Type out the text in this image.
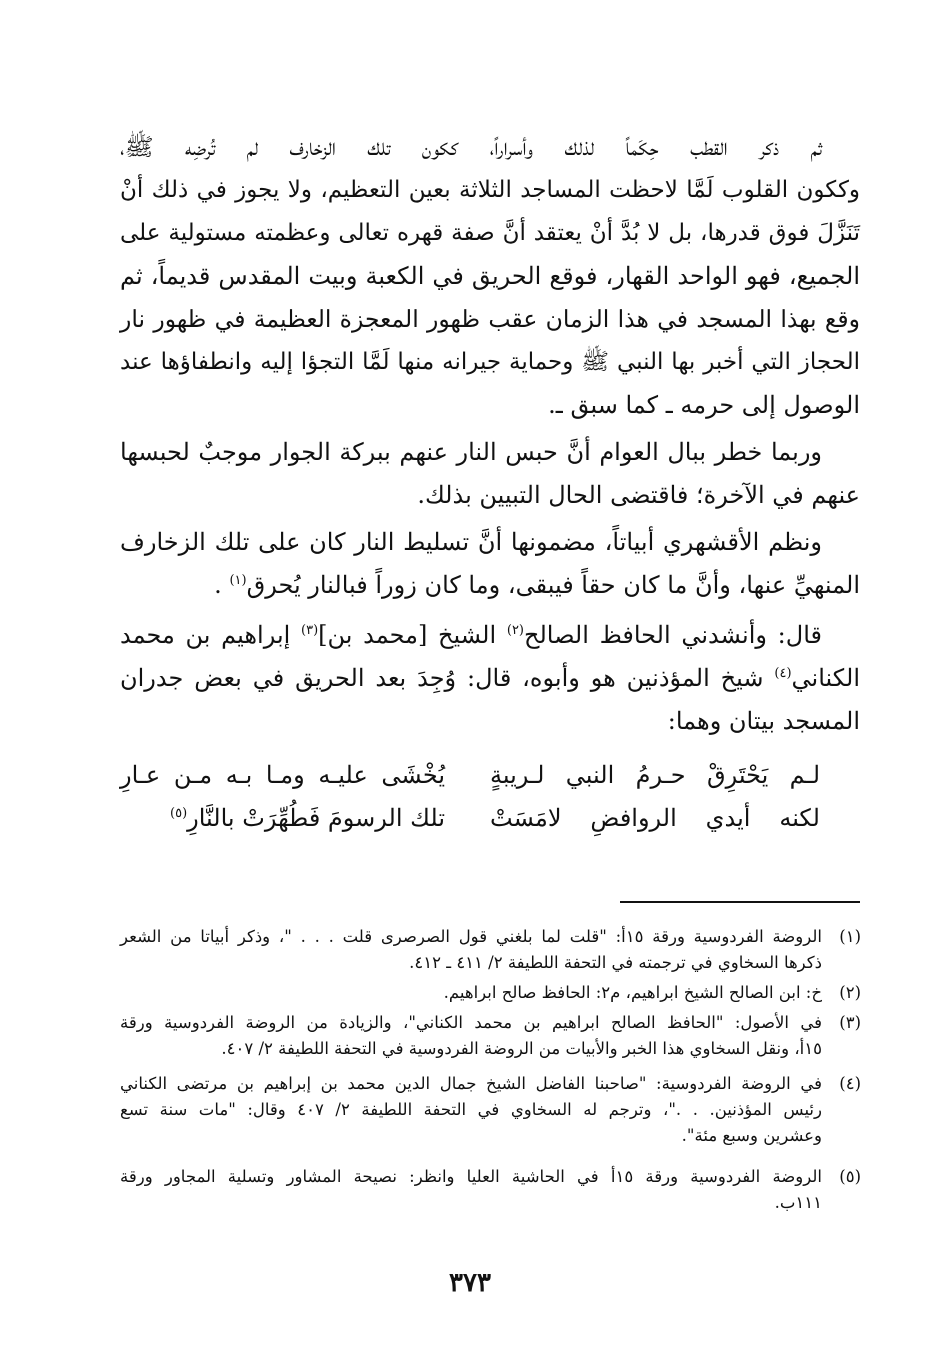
ثم ذكر القطب حِكَماً لذلك وأسراراً، ككون تلك الزخارف لم تُرضِه ﷺ،
وككون القلوب لَمَّا لاحظت المساجد الثلاثة بعين التعظيم، ولا يجوز في ذلك أنْ
تَنَزَّلَ فوق قدرها، بل لا بُدَّ أنْ يعتقد أنَّ صفة قهره تعالى وعظمته مستولية على
الجميع، فهو الواحد القهار، فوقع الحريق في الكعبة وبيت المقدس قديماً، ثم
وقع بهذا المسجد في هذا الزمان عقب ظهور المعجزة العظيمة في ظهور نار
الحجاز التي أخبر بها النبي ﷺ وحماية جيرانه منها لَمَّا التجؤا إليه وانطفاؤها عند
الوصول إلى حرمه ـ كما سبق ـ.
وربما خطر ببال العوام أنَّ حبس النار عنهم ببركة الجوار موجبٌ لحبسها
عنهم في الآخرة؛ فاقتضى الحال التبيين بذلك.
ونظم الأقشهري أبياتاً، مضمونها أنَّ تسليط النار كان على تلك الزخارف
المنهيِّ عنها، وأنَّ ما كان حقاً فيبقى، وما كان زوراً فبالنار يُحرق$^{(١)}$ .
قال: وأنشدني الحافظ الصالح$^{(٢)}$ الشيخ [محمد بن]$^{(٣)}$ إبراهيم بن محمد
الكناني$^{(٤)}$ شيخ المؤذنين هو وأبوه، قال: وُجِدَ بعد الحريق في بعض جدران
المسجد بيتان وهما:
لـم يَحْتَرِقْ حـرمُ النبي لـريبةٍ
يُخْشَى عليـه ومـا بـه مـن عـارِ
لكنه أيدي الروافضِ لامَسَتْ
تلك الرسومَ فَطُهِّرَتْ بالنَّارِ$^{(٥)}$
(١)
الروضة الفردوسية ورقة ١٥أ: "قلت لما بلغني قول الصرصرى قلت . . . "، وذكر أبياتا من الشعر
ذكرها السخاوي في ترجمته في التحفة اللطيفة ٢/ ٤١١ ـ ٤١٢.
(٢)
خ: ابن الصالح الشيخ ابراهيم، م٢: الحافظ صالح ابراهيم.
(٣)
في الأصول: "الحافظ الصالح ابراهيم بن محمد الكناني"، والزيادة من الروضة الفردوسية ورقة
١٥أ، ونقل السخاوي هذا الخبر والأبيات من الروضة الفردوسية في التحفة اللطيفة ٢/ ٤٠٧.
(٤)
في الروضة الفردوسية: "صاحبنا الفاضل الشيخ جمال الدين محمد بن إبراهيم بن مرتضى الكناني
رئيس المؤذنين. . ."، وترجم له السخاوي في التحفة اللطيفة ٢/ ٤٠٧ وقال: "مات سنة تسع
وعشرين وسبع مئة".
(٥)
الروضة الفردوسية ورقة ١٥أ في الحاشية العليا وانظر: نصيحة المشاور وتسلية المجاور ورقة
١١١ب.
٣٧٣
